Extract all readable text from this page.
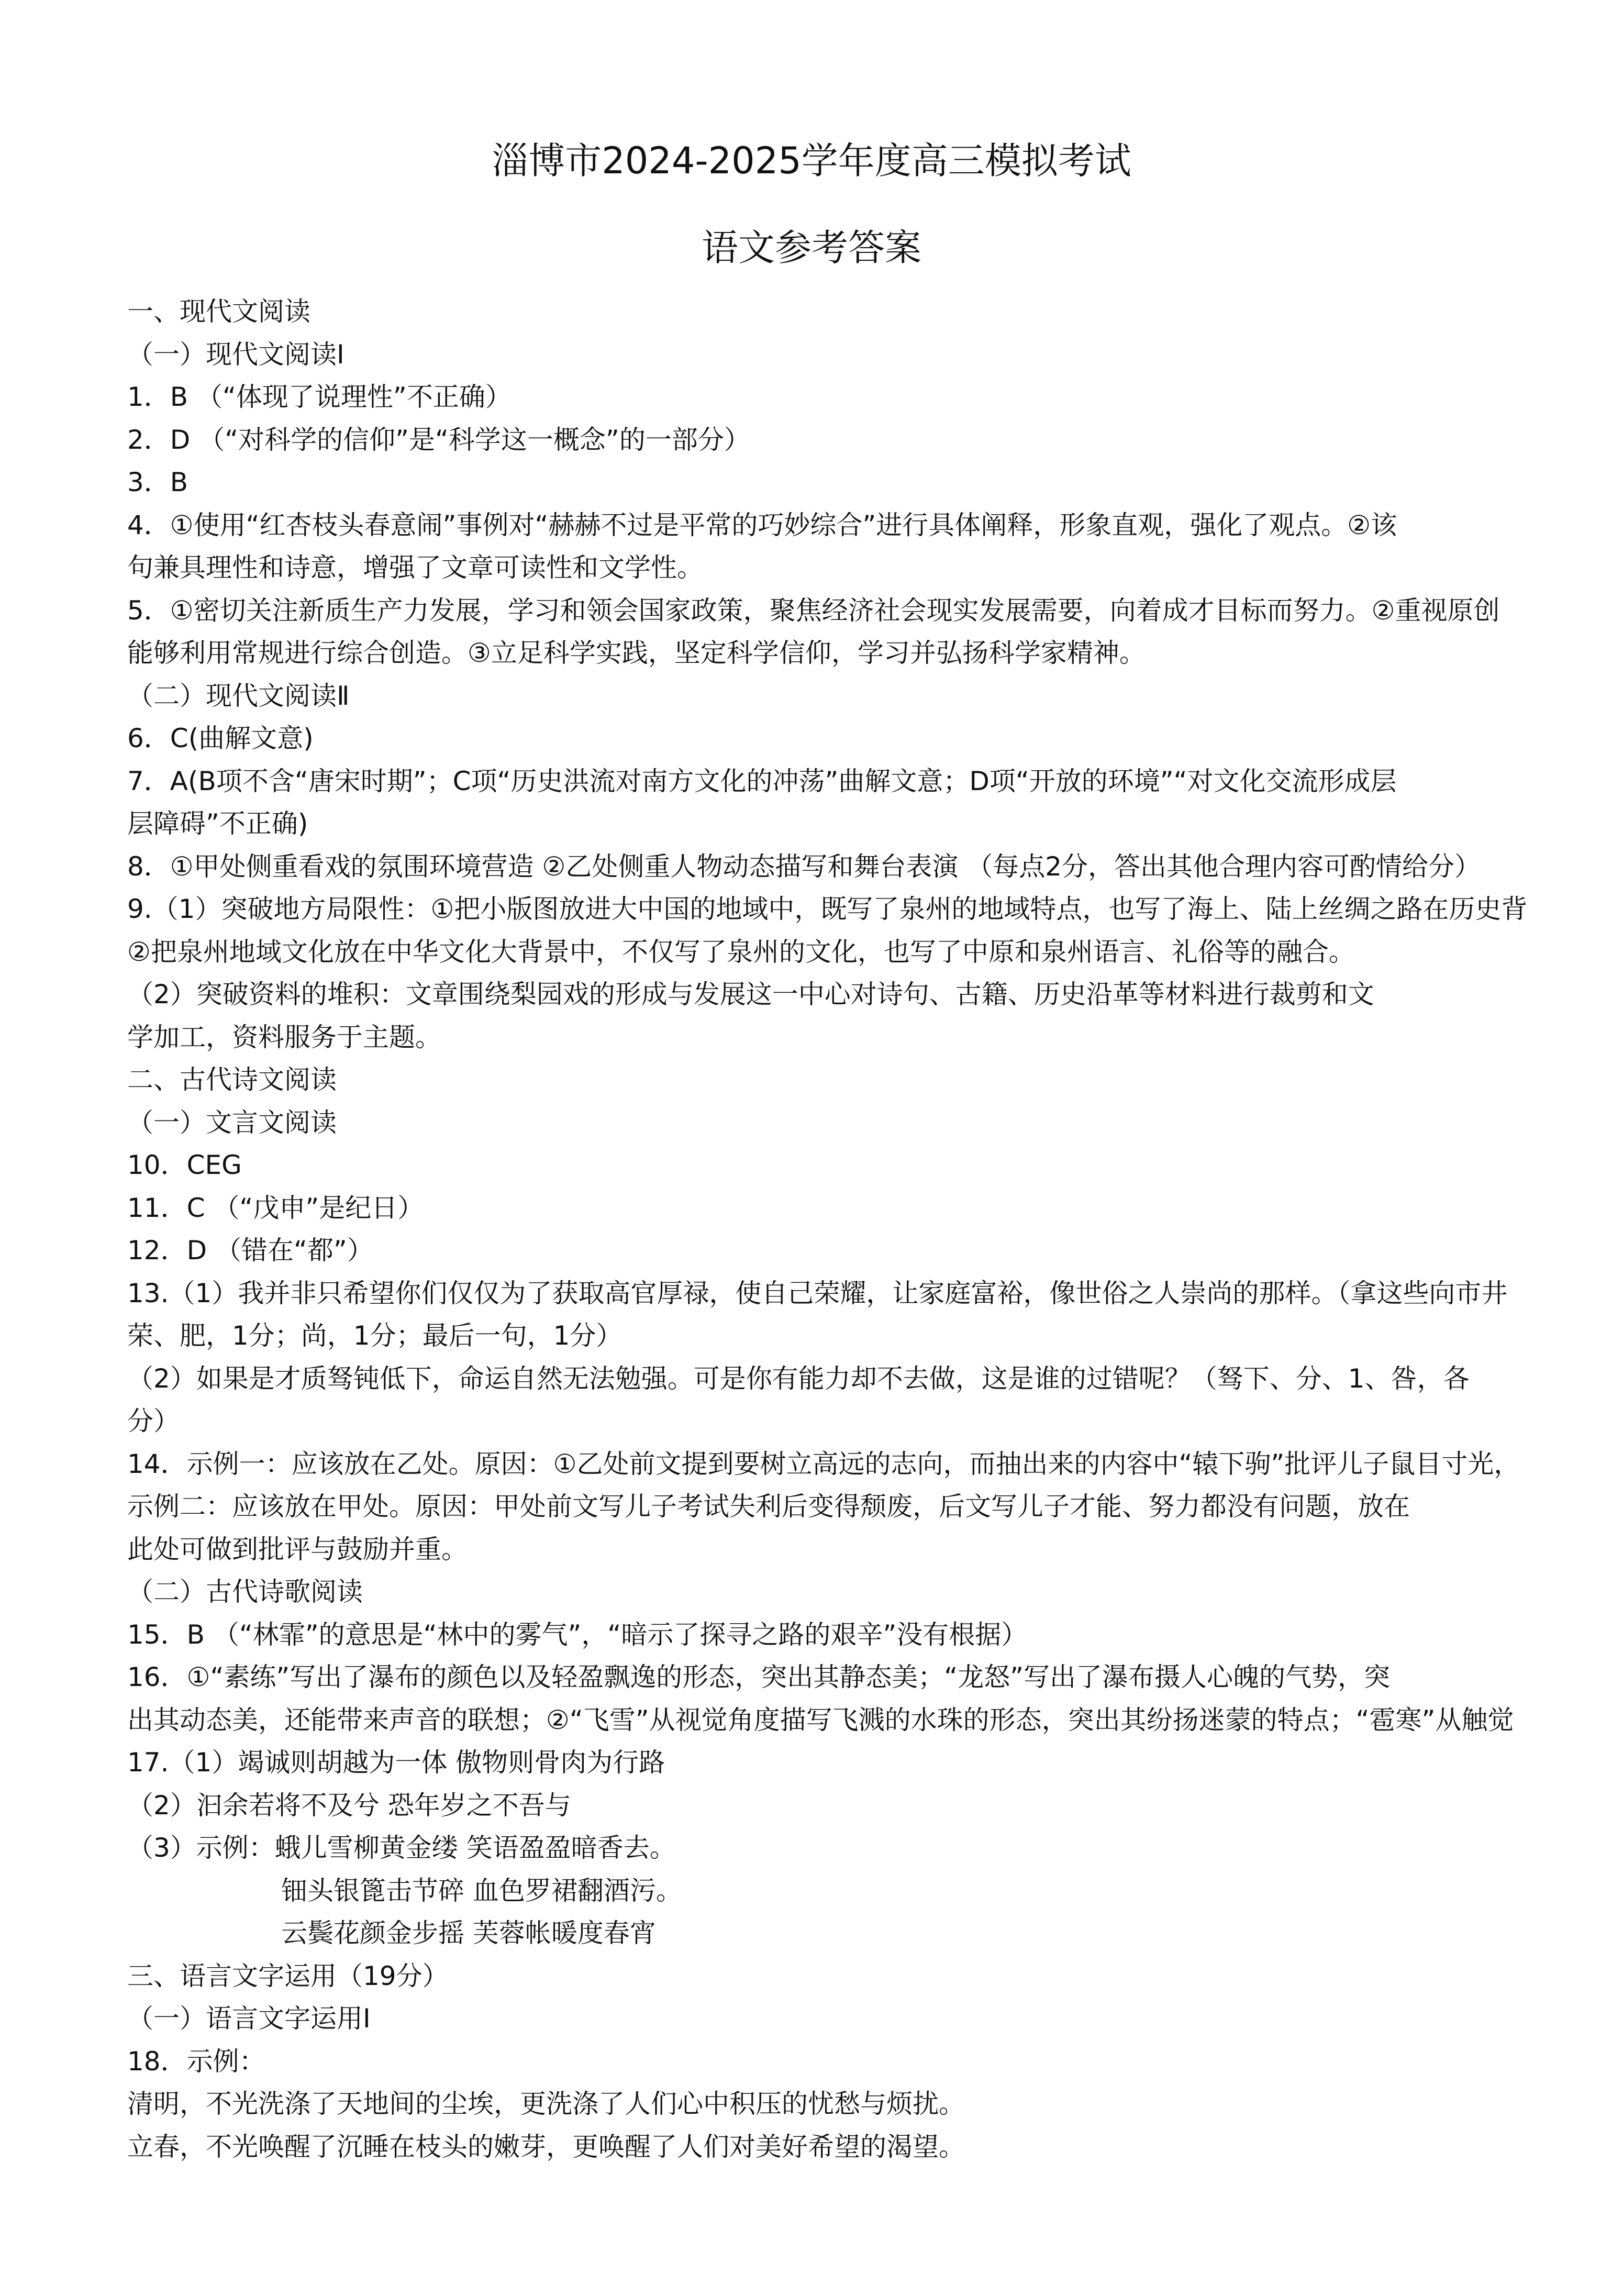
淄博市2024-2025学年度高三模拟考试
语文参考答案
一、现代文阅读
（一）现代文阅读Ⅰ
1．B （“体现了说理性”不正确）
2．D （“对科学的信仰”是“科学这一概念”的一部分）
3．B
4．①使用“红杏枝头春意闹”事例对“赫赫不过是平常的巧妙综合”进行具体阐释，形象直观，强化了观点。②该
句兼具理性和诗意，增强了文章可读性和文学性。
5．①密切关注新质生产力发展，学习和领会国家政策，聚焦经济社会现实发展需要，向着成才目标而努力。②重视原创
能够利用常规进行综合创造。③立足科学实践，坚定科学信仰，学习并弘扬科学家精神。
（二）现代文阅读Ⅱ
6．C(曲解文意)
7．A(B项不含“唐宋时期”；C项“历史洪流对南方文化的冲荡”曲解文意；D项“开放的环境”“对文化交流形成层
层障碍”不正确)
8．①甲处侧重看戏的氛围环境营造 ②乙处侧重人物动态描写和舞台表演 （每点2分，答出其他合理内容可酌情给分）
9.（1）突破地方局限性：①把小版图放进大中国的地域中，既写了泉州的地域特点，也写了海上、陆上丝绸之路在历史背
②把泉州地域文化放在中华文化大背景中，不仅写了泉州的文化，也写了中原和泉州语言、礼俗等的融合。
（2）突破资料的堆积：文章围绕梨园戏的形成与发展这一中心对诗句、古籍、历史沿革等材料进行裁剪和文
学加工，资料服务于主题。
二、古代诗文阅读
（一）文言文阅读
10．CEG
11．C （“戊申”是纪日）
12．D （错在“都”）
13.（1）我并非只希望你们仅仅为了获取高官厚禄，使自己荣耀，让家庭富裕，像世俗之人崇尚的那样。（拿这些向市井
荣、肥，1分；尚，1分；最后一句，1分）
（2）如果是才质驽钝低下，命运自然无法勉强。可是你有能力却不去做，这是谁的过错呢？（驽下、分、1、咎，各
分）
14．示例一：应该放在乙处。原因：①乙处前文提到要树立高远的志向，而抽出来的内容中“辕下驹”批评儿子鼠目寸光，
示例二：应该放在甲处。原因：甲处前文写儿子考试失利后变得颓废，后文写儿子才能、努力都没有问题，放在
此处可做到批评与鼓励并重。
（二）古代诗歌阅读
15．B （“林霏”的意思是“林中的雾气”，“暗示了探寻之路的艰辛”没有根据）
16．①“素练”写出了瀑布的颜色以及轻盈飘逸的形态，突出其静态美；“龙怒”写出了瀑布摄人心魄的气势，突
出其动态美，还能带来声音的联想；②“飞雪”从视觉角度描写飞溅的水珠的形态，突出其纷扬迷蒙的特点；“雹寒”从触觉
17.（1）竭诚则胡越为一体 傲物则骨肉为行路
（2）汩余若将不及兮 恐年岁之不吾与
（3）示例：蛾儿雪柳黄金缕 笑语盈盈暗香去。
钿头银篦击节碎 血色罗裙翻酒污。
云鬓花颜金步摇 芙蓉帐暖度春宵
三、语言文字运用（19分）
（一）语言文字运用Ⅰ
18．示例：
清明，不光洗涤了天地间的尘埃，更洗涤了人们心中积压的忧愁与烦扰。
立春，不光唤醒了沉睡在枝头的嫩芽，更唤醒了人们对美好希望的渴望。
